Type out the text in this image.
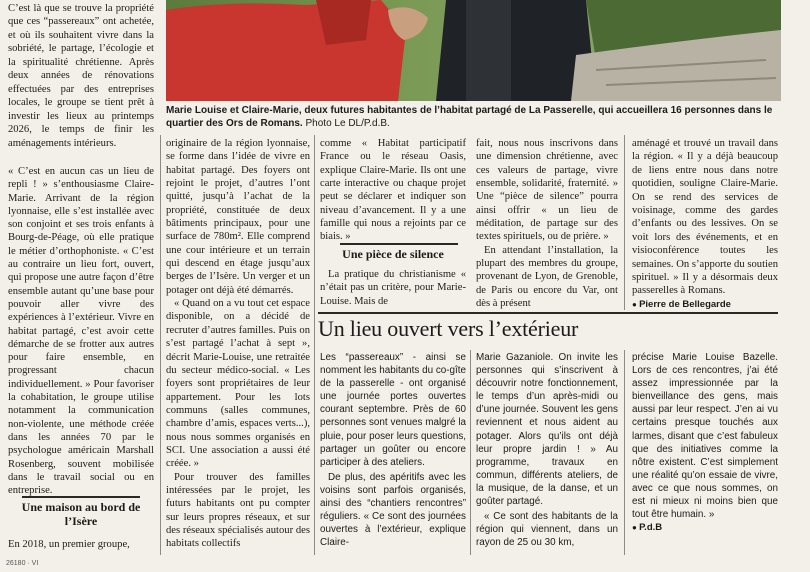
Marie Louise et Claire-Marie, deux futures habitantes de l’habitat partagé de La Passerelle, qui accueillera 16 personnes dans le quartier des Ors de Romans. Photo Le DL/P.d.B.

C’est là que se trouve la propriété que ces “passereaux” ont achetée, et où ils souhaitent vivre dans la sobriété, le partage, l’écologie et la spiritualité chrétienne. Après deux années de rénovations effectuées par des entreprises locales, le groupe se tient prêt à investir les lieux au printemps 2026, le temps de finir les aménagements intérieurs.

« C’est en aucun cas un lieu de repli ! » s’enthousiasme Claire-Marie. Arrivant de la région lyonnaise, elle s’est installée avec son conjoint et ses trois enfants à Bourg-de-Péage, où elle pratique le métier d’orthophoniste. « C’est au contraire un lieu fort, ouvert, qui propose une autre façon d’être ensemble autant qu’une base pour pouvoir aller vivre des expériences à l’extérieur. Vivre en habitat partagé, c’est avoir cette démarche de se frotter aux autres pour faire ensemble, en progressant chacun individuellement. » Pour favoriser la cohabitation, le groupe utilise notamment la communication non-violente, une méthode créée dans les années 70 par le psychologue américain Marshall Rosenberg, souvent mobilisée dans le travail social ou en entreprise.

Une maison au bord de l’Isère

En 2018, un premier groupe,

originaire de la région lyonnaise, se forme dans l’idée de vivre en habitat partagé. Des foyers ont rejoint le projet, d’autres l’ont quitté, jusqu’à l’achat de la propriété, constituée de deux bâtiments principaux, pour une surface de 780m². Elle comprend une cour intérieure et un terrain qui descend en étage jusqu’aux berges de l’Isère. Un verger et un potager ont déjà été démarrés.

« Quand on a vu tout cet espace disponible, on a décidé de recruter d’autres familles. Puis on s’est partagé l’achat à sept », décrit Marie-Louise, une retraitée du secteur médico-social. « Les foyers sont propriétaires de leur appartement. Pour les lots communs (salles communes, chambre d’amis, espaces verts...), nous nous sommes organisés en SCI. Une association a aussi été créée. »

Pour trouver des familles intéressées par le projet, les futurs habitants ont pu compter sur leurs propres réseaux, et sur des réseaux spécialisés autour des habitats collectifs

comme « Habitat participatif France ou le réseau Oasis, explique Claire-Marie. Ils ont une carte interactive ou chaque projet peut se déclarer et indiquer son niveau d’avancement. Il y a une famille qui nous a rejoints par ce biais. »

Une pièce de silence

La pratique du christianisme « n’était pas un critère, pour Marie-Louise. Mais de

fait, nous nous inscrivons dans une dimension chrétienne, avec ces valeurs de partage, vivre ensemble, solidarité, fraternité. » Une “pièce de silence” pourra ainsi offrir « un lieu de méditation, de partage sur des textes spirituels, ou de prière. »

En attendant l’installation, la plupart des membres du groupe, provenant de Lyon, de Grenoble, de Paris ou encore du Var, ont dès à présent

aménagé et trouvé un travail dans la région. « Il y a déjà beaucoup de liens entre nous dans notre quotidien, souligne Claire-Marie. On se rend des services de voisinage, comme des gardes d’enfants ou des lessives. On se voit lors des événements, et en visioconférence toutes les semaines. On s’apporte du soutien spirituel. » Il y a désormais deux passerelles à Romans.

● Pierre de Bellegarde

Un lieu ouvert vers l’extérieur

Les “passereaux” - ainsi se nomment les habitants du co-gîte de la passerelle - ont organisé une journée portes ouvertes courant septembre. Près de 60 personnes sont venues malgré la pluie, pour poser leurs questions, partager un goûter ou encore participer à des ateliers.

De plus, des apéritifs avec les voisins sont parfois organisés, ainsi des “chantiers rencontres” réguliers. « Ce sont des journées ouvertes à l’extérieur, explique Claire-

Marie Gazaniole. On invite les personnes qui s’inscrivent à découvrir notre fonctionnement, le temps d’un après-midi ou d’une journée. Souvent les gens reviennent et nous aident au potager. Alors qu’ils ont déjà leur propre jardin ! » Au programme, travaux en commun, différents ateliers, de la musique, de la danse, et un goûter partagé.

« Ce sont des habitants de la région qui viennent, dans un rayon de 25 ou 30 km,

précise Marie Louise Bazelle. Lors de ces rencontres, j’ai été assez impressionnée par la bienveillance des gens, mais aussi par leur respect. J’en ai vu certains presque touchés aux larmes, disant que c’est fabuleux que des initiatives comme la nôtre existent. C’est simplement une réalité qu’on essaie de vivre, avec ce que nous sommes, on est ni mieux ni moins bien que tout être humain. »

● P.d.B

26180 · VI
